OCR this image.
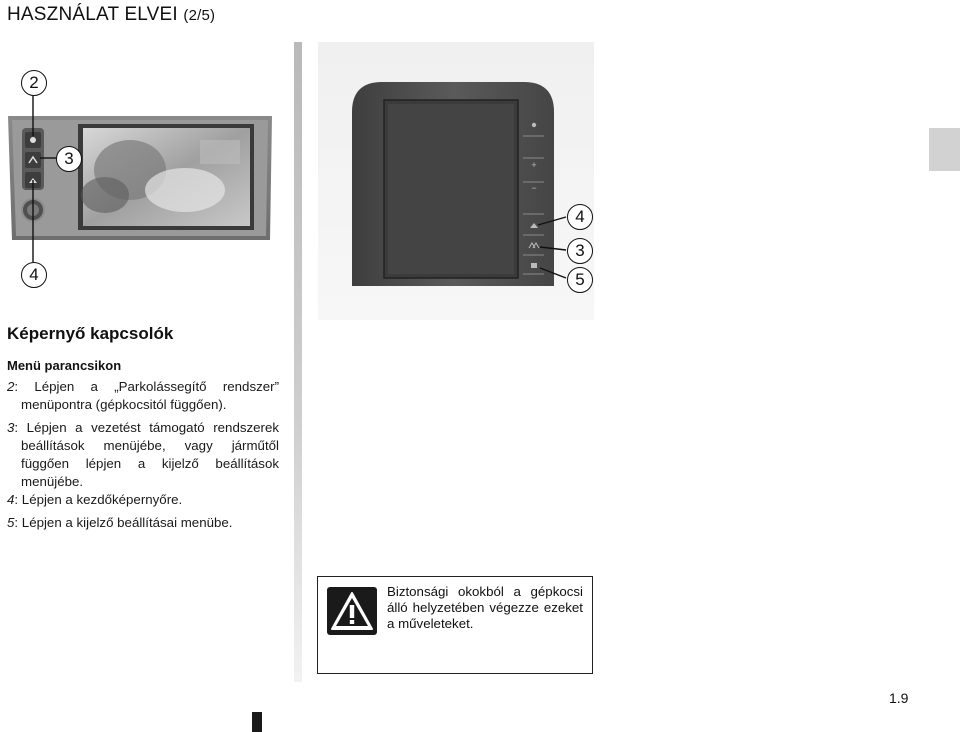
HASZNÁLAT ELVEI (2/5)
2
3
4
+
−
4
3
5
Képernyő kapcsolók
Menü parancsikon

2: Lépjen a „Parkolássegítő rendszer” menüpontra (gépkocsitól függően).

3: Lépjen a vezetést támogató rendszerek beállítások menüjébe, vagy járműtől függően lépjen a kijelző beállítások menüjébe.

4: Lépjen a kezdőképernyőre.

5: Lépjen a kijelző beállításai menübe.

Biztonsági okokból a gépkocsi álló helyzetében végezze ezeket a műveleteket.
1.9
